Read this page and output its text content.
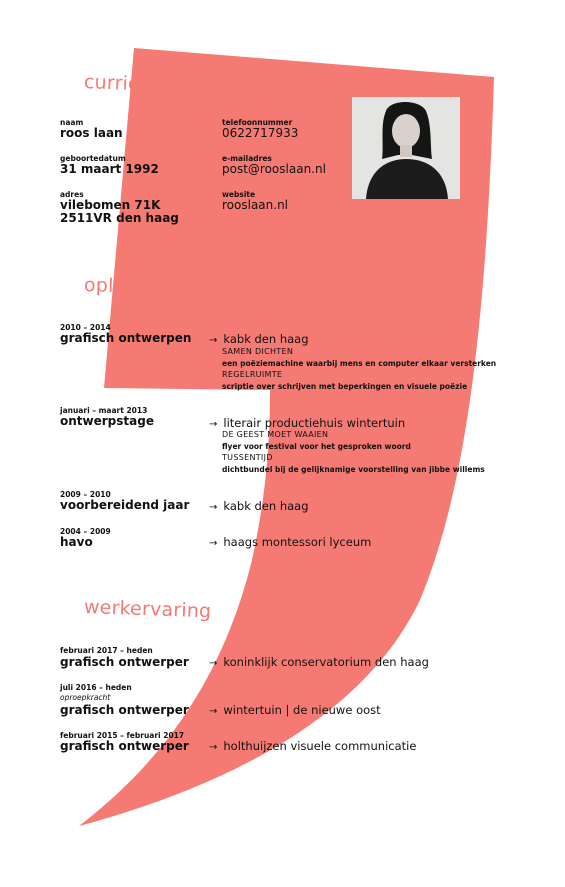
curriculum vitae
naam
roos laan
telefoonnummer
0622717933
geboortedatum
31 maart 1992
e-mailadres
post@rooslaan.nl
adres
vilebomen 71K
2511VR den haag
website
rooslaan.nl
opleiding
2010 – 2014
grafisch ontwerpen → kabk den haag
SAMEN DICHTEN
een poëziemachine waarbij mens en computer elkaar versterken
REGELRUIMTE
scriptie over schrijven met beperkingen en visuele poëzie
januari – maart 2013
ontwerpstage	→ literair productiehuis wintertuin
DE GEEST MOET WAAIEN
flyer voor festival voor het gesproken woord
TUSSENTIJD
dichtbundel bij de gelijknamige voorstelling van jibbe willems
2009 – 2010
voorbereidend jaar → kabk den haag
2004 – 2009
havo	→ haags montessori lyceum
werkervaring
februari 2017 – heden
grafisch ontwerper → koninklijk conservatorium den haag
juli 2016 – heden
oproepkracht
grafisch ontwerper → wintertuin | de nieuwe oost
februari 2015 – februari 2017
grafisch ontwerper → holthuijzen visuele communicatie
